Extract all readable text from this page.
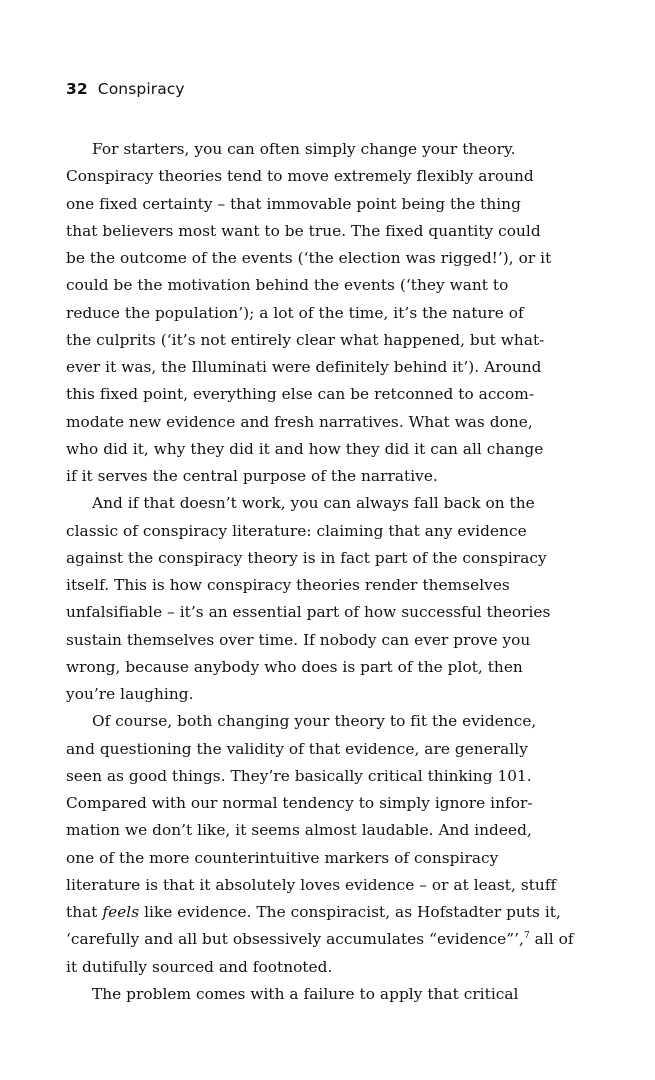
32 Conspiracy
For starters, you can often simply change your theory.
Conspiracy theories tend to move extremely flexibly around
one fixed certainty – that immovable point being the thing
that believers most want to be true. The fixed quantity could
be the outcome of the events (‘the election was rigged!’), or it
could be the motivation behind the events (‘they want to
reduce the population’); a lot of the time, it’s the nature of
the culprits (‘it’s not entirely clear what happened, but what-
ever it was, the Illuminati were definitely behind it’). Around
this fixed point, everything else can be retconned to accom-
modate new evidence and fresh narratives. What was done,
who did it, why they did it and how they did it can all change
if it serves the central purpose of the narrative.
And if that doesn’t work, you can always fall back on the
classic of conspiracy literature: claiming that any evidence
against the conspiracy theory is in fact part of the conspiracy
itself. This is how conspiracy theories render themselves
unfalsifiable – it’s an essential part of how successful theories
sustain themselves over time. If nobody can ever prove you
wrong, because anybody who does is part of the plot, then
you’re laughing.
Of course, both changing your theory to fit the evidence,
and questioning the validity of that evidence, are generally
seen as good things. They’re basically critical thinking 101.
Compared with our normal tendency to simply ignore infor-
mation we don’t like, it seems almost laudable. And indeed,
one of the more counterintuitive markers of conspiracy
literature is that it absolutely loves evidence – or at least, stuff
that feels like evidence. The conspiracist, as Hofstadter puts it,
‘carefully and all but obsessively accumulates “evidence”’,$^7$ all of
it dutifully sourced and footnoted.
The problem comes with a failure to apply that critical
